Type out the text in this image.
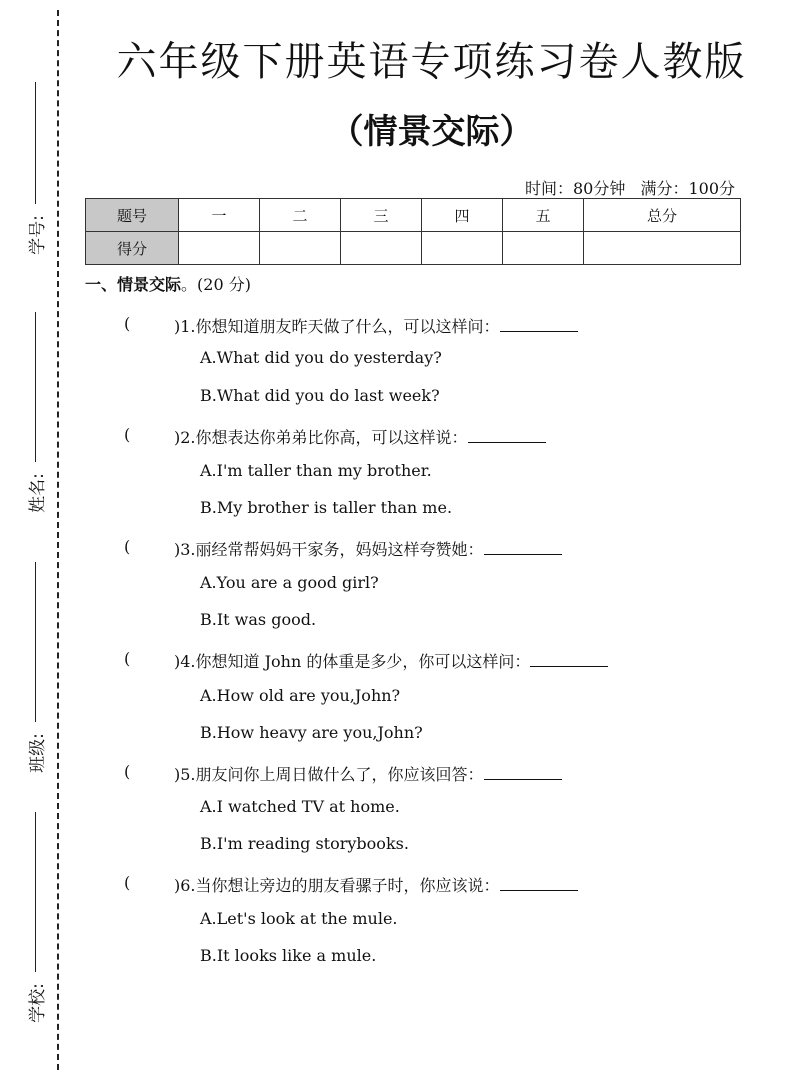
学号:
姓名:
班级:
学校:
六年级下册英语专项练习卷人教版
（情景交际）
时间：80分钟 满分：100分
题号	一	二	三	四	五	总分
得分						
一、情景交际。(20 分)
(	)1.你想知道朋友昨天做了什么，可以这样问：
A.What did you do yesterday?
B.What did you do last week?
(	)2.你想表达你弟弟比你高，可以这样说：
A.I'm taller than my brother.
B.My brother is taller than me.
(	)3.丽经常帮妈妈干家务，妈妈这样夸赞她：
A.You are a good girl?
B.It was good.
(	)4.你想知道 John 的体重是多少，你可以这样问：
A.How old are you,John?
B.How heavy are you,John?
(	)5.朋友问你上周日做什么了，你应该回答：
A.I watched TV at home.
B.I'm reading storybooks.
(	)6.当你想让旁边的朋友看骡子时，你应该说：
A.Let's look at the mule.
B.It looks like a mule.
